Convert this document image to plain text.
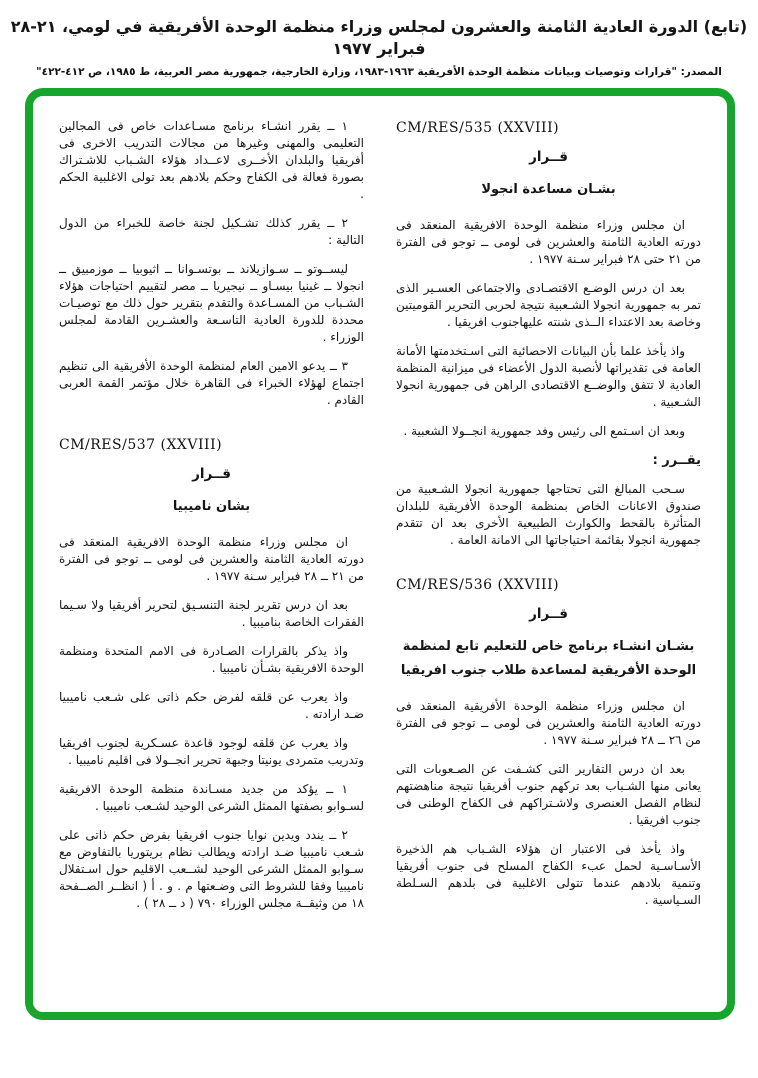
(تابع) الدورة العادية الثامنة والعشرون لمجلس وزراء منظمة الوحدة الأفريقية في لومي، ٢١-٢٨ فبراير ١٩٧٧
المصدر: "قرارات وتوصيات وبيانات منظمة الوحدة الأفريقية ١٩٦٣-١٩٨٣، وزارة الخارجية، جمهورية مصر العربية، ط ١٩٨٥، ص ٤١٢-٤٢٢"
CM/RES/535 (XXVIII)
قــرار
بشـان مساعدة انجولا

ان مجلس وزراء منظمة الوحدة الافريقية المنعقد فى دورته العادية الثامنة والعشرين فى لومى ــ توجو فى الفترة من ٢١ حتى ٢٨ فبراير سـنة ١٩٧٧ .

بعد ان درس الوضـع الاقتصـادى والاجتماعى العسـير الذى تمر به جمهورية انجولا الشـعبية نتيجة لحربى التحرير القوميتين وخاصة بعد الاعتداء الــذى شنته عليهاجنوب افريقيا .

واذ يأخذ علما بأن البيانات الاحصائية التى اسـتخدمتها الأمانة العامة فى تقديراتها لأنصبة الدول الأعضاء فى ميزانية المنظمة العادية لا تتفق والوضــع الاقتصادى الراهن فى جمهورية انجولا الشـعبية .

وبعد ان اسـتمع الى رئيس وفد جمهورية انجــولا الشعبية .

يقــرر :

سـحب المبالغ التى تحتاجها جمهورية انجولا الشـعبية من صندوق الاعانات الخاص بمنظمة الوحدة الأفريقية للبلدان المتأثرة بالقحط والكوارث الطبيعية الأخرى بعد ان تتقدم جمهورية انجولا بقائمة احتياجاتها الى الامانة العامة .

CM/RES/536 (XXVIII)
قــرار
بشـان انشـاء برنامج خاص للتعليم تابع لمنظمة
الوحدة الأفريقية لمساعدة طلاب جنوب افريقيا

ان مجلس وزراء منظمة الوحدة الأفريقية المنعقد فى دورته العادية الثامنة والعشرين فى لومى ــ توجو فى الفترة من ٢٦ ــ ٢٨ فبراير سـنة ١٩٧٧ .

بعد ان درس التقارير التى كشـفت عن الصـعوبات التى يعانى منها الشـباب بعد تركهم جنوب أفريقيا نتيجة مناهضتهم لنظام الفصل العنصرى ولاشـتراكهم فى الكفاح الوطنى فى جنوب افريقيا .

واذ يأخذ فى الاعتبار ان هؤلاء الشـباب هم الذخيرة الأسـاسـية لحمل عبء الكفاح المسلح فى جنوب أفريقيا وتنمية بلادهم عندما تتولى الاغلبية فى بلدهم السـلطة السـياسية .

١ ــ يقرر انشـاء برنامج مسـاعدات خاص فى المجالين التعليمى والمهنى وغيرها من مجالات التدريب الاخرى فى أفريقيا والبلدان الأخــرى لاعــداد هؤلاء الشـباب للاشـتراك بصورة فعالة فى الكفاح وحكم بلادهم بعد تولى الاغلبية الحكم .

٢ ــ يقرر كذلك تشـكيل لجنة خاصة للخبراء من الدول التالية :

ليســوتو ــ سـوازيلاند ــ بوتسـوانا ــ اثيوبيا ــ موزمبيق ــ انجولا ــ غينيا بيسـاو ــ نيجيريا ــ مصر لتقييم احتياجات هؤلاء الشـباب من المسـاعدة والتقدم بتقرير حول ذلك مع توصيـات محددة للدورة العادية التاسـعة والعشـرين القادمة لمجلس الوزراء .

٣ ــ يدعو الامين العام لمنظمة الوحدة الأفريقية الى تنظيم اجتماع لهؤلاء الخبراء فى القاهرة خلال مؤتمر القمة العربى القادم .

CM/RES/537 (XXVIII)
قــرار
بشان ناميبيا

ان مجلس وزراء منظمة الوحدة الافريقية المنعقد فى دورته العادية الثامنة والعشرين فى لومى ــ توجو فى الفترة من ٢١ ــ ٢٨ فبراير سـنة ١٩٧٧ .

بعد ان درس تقرير لجنة التنسـيق لتحرير أفريقيا ولا سـيما الفقرات الخاصة بناميبيا .

واذ يذكر بالقرارات الصـادرة فى الامم المتحدة ومنظمة الوحدة الافريقية بشـأن ناميبيا .

واذ يعرب عن قلقه لفرض حكم ذاتى على شـعب ناميبيا ضـد ارادته .

واذ يعرب عن قلقه لوجود قاعدة عسـكرية لجنوب افريقيا وتدريب متمردى يونيتا وجبهة تحرير انجــولا فى اقليم ناميبيا .

١ ــ يؤكد من جديد مسـاندة منظمة الوحدة الافريقية لسـوابو بصفتها الممثل الشرعى الوحيد لشـعب ناميبيا .

٢ ــ يندد ويدين نوايا جنوب افريقيا بفرض حكم ذاتى على شـعب ناميبيا ضـد ارادته ويطالب نظام بريتوريا بالتفاوض مع سـوابو الممثل الشرعى الوحيد لشــعب الاقليم حول اسـتقلال ناميبيا وفقا للشروط التى وضـعتها م . و . أ ( انظــر الصــفحة ١٨ من وثيقــة مجلس الوزراء ٧٩٠ ( د ــ ٢٨ ) .
